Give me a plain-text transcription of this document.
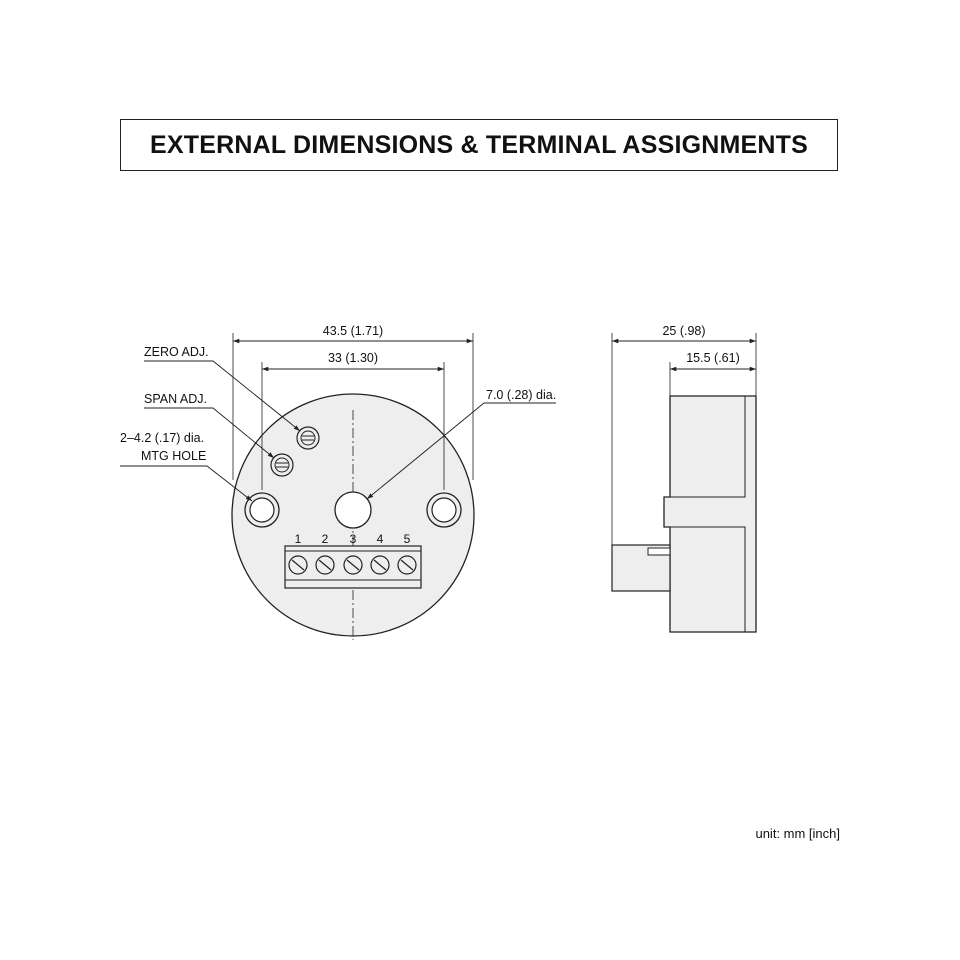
EXTERNAL DIMENSIONS & TERMINAL ASSIGNMENTS
1 2 3 4 5
43.5 (1.71)
33 (1.30)
7.0 (.28) dia.
ZERO ADJ.
SPAN ADJ.
2–4.2 (.17) dia.
MTG HOLE
25 (.98)
15.5 (.61)
unit: mm [inch]
